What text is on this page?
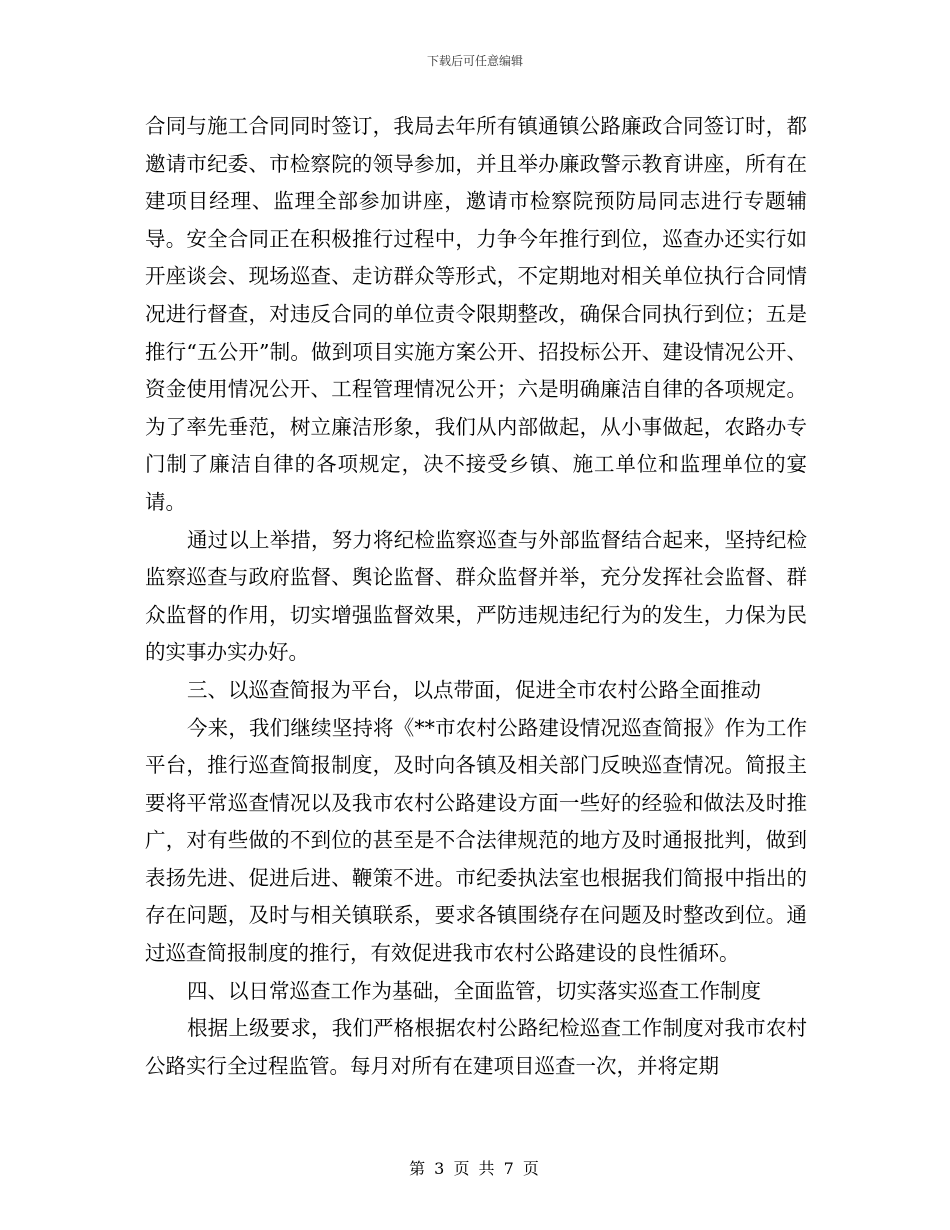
下载后可任意编辑

合同与施工合同同时签订，我局去年所有镇通镇公路廉政合同签订时，都邀请市纪委、市检察院的领导参加，并且举办廉政警示教育讲座，所有在建项目经理、监理全部参加讲座，邀请市检察院预防局同志进行专题辅导。安全合同正在积极推行过程中，力争今年推行到位，巡查办还实行如开座谈会、现场巡查、走访群众等形式，不定期地对相关单位执行合同情况进行督查，对违反合同的单位责令限期整改，确保合同执行到位；五是推行“五公开”制。做到项目实施方案公开、招投标公开、建设情况公开、资金使用情况公开、工程管理情况公开；六是明确廉洁自律的各项规定。为了率先垂范，树立廉洁形象，我们从内部做起，从小事做起，农路办专门制了廉洁自律的各项规定，决不接受乡镇、施工单位和监理单位的宴请。

通过以上举措，努力将纪检监察巡查与外部监督结合起来，坚持纪检监察巡查与政府监督、舆论监督、群众监督并举，充分发挥社会监督、群众监督的作用，切实增强监督效果，严防违规违纪行为的发生，力保为民的实事办实办好。

三、以巡查简报为平台，以点带面，促进全市农村公路全面推动

今来，我们继续坚持将《**市农村公路建设情况巡查简报》作为工作平台，推行巡查简报制度，及时向各镇及相关部门反映巡查情况。简报主要将平常巡查情况以及我市农村公路建设方面一些好的经验和做法及时推广，对有些做的不到位的甚至是不合法律规范的地方及时通报批判，做到表扬先进、促进后进、鞭策不进。市纪委执法室也根据我们简报中指出的存在问题，及时与相关镇联系，要求各镇围绕存在问题及时整改到位。通过巡查简报制度的推行，有效促进我市农村公路建设的良性循环。

四、以日常巡查工作为基础，全面监管，切实落实巡查工作制度

根据上级要求，我们严格根据农村公路纪检巡查工作制度对我市农村公路实行全过程监管。每月对所有在建项目巡查一次，并将定期

第 3 页 共 7 页
